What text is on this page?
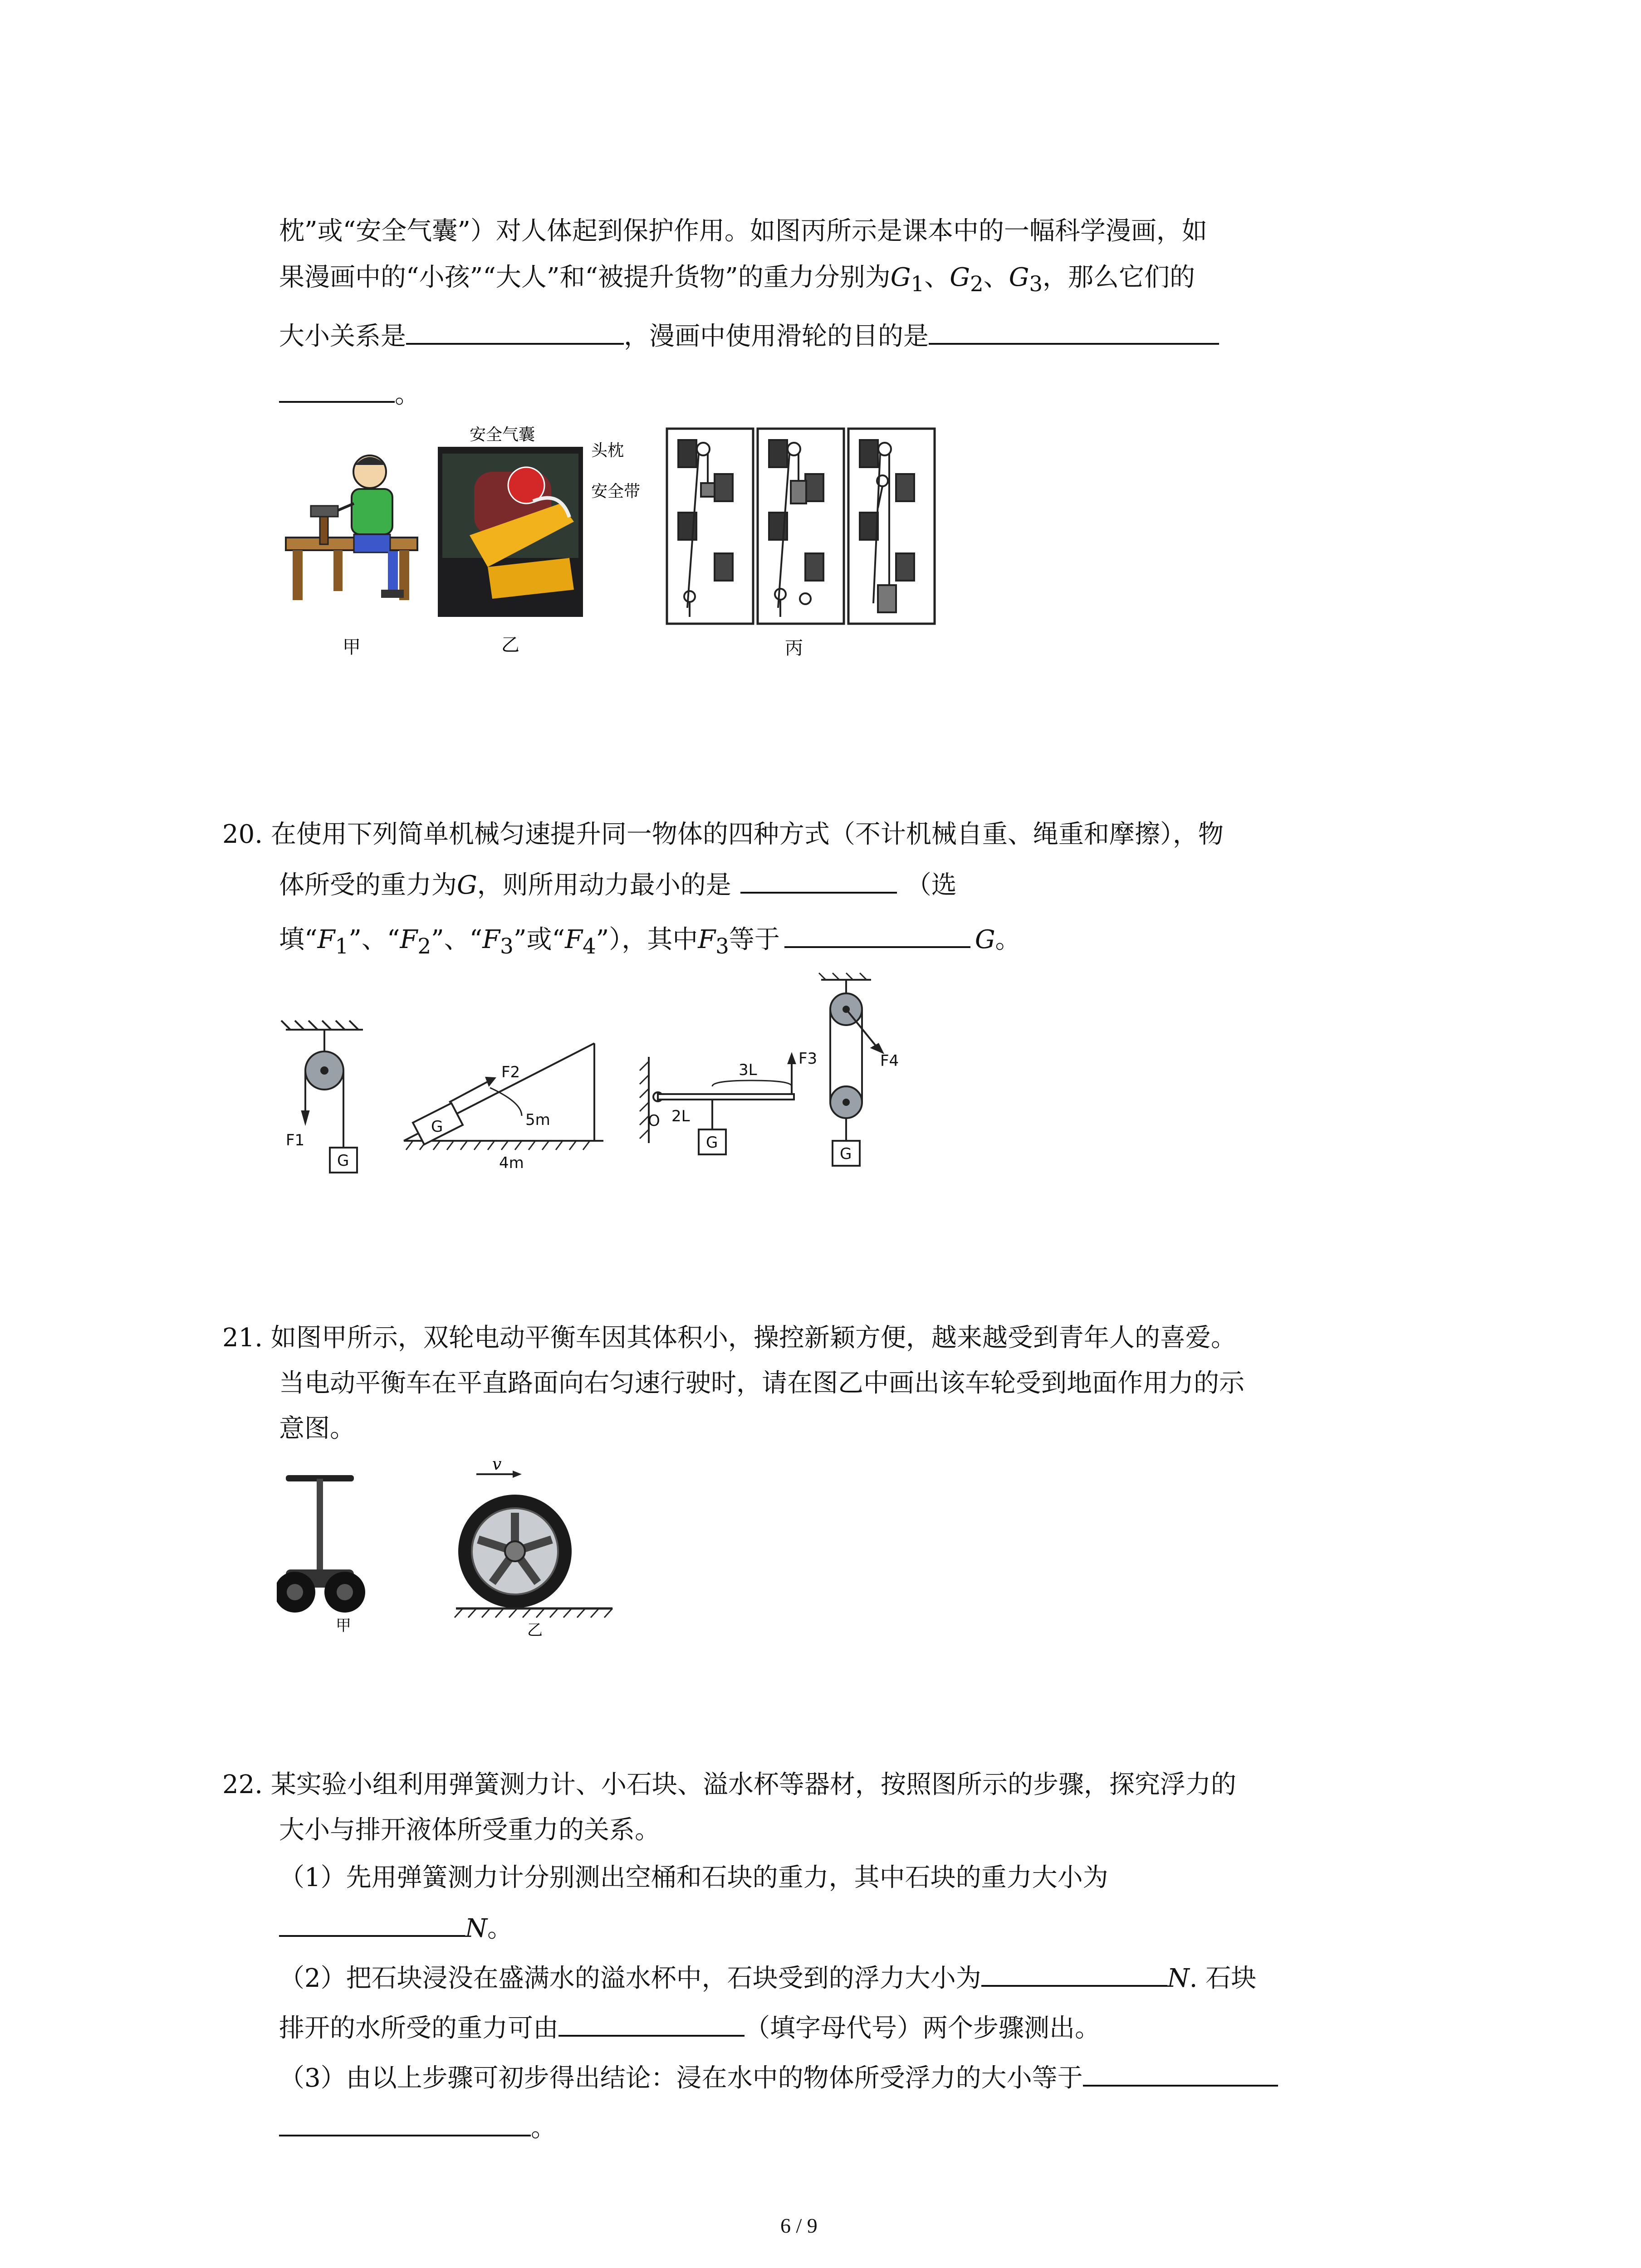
枕”或“安全气囊”）对人体起到保护作用。如图丙所示是课本中的一幅科学漫画，如
果漫画中的“小孩”“大人”和“被提升货物”的重力分别为$G_1$、$G_2$、$G_3$，那么它们的
大小关系是	，漫画中使用滑轮的目的是
。
甲
安全气囊
头枕
安全带
乙	丙
20. 在使用下列简单机械匀速提升同一物体的四种方式（不计机械自重、绳重和摩擦），物
体所受的重力为G，则所用动力最小的是	（选
填“$F_1$”、“$F_2$”、“$F_3$”或“$F_4$”），其中$F_3$等于	G。
F1
G
F2
G	5m
4m
F3
3L
O 2L
G
F4
G
21. 如图甲所示，双轮电动平衡车因其体积小，操控新颖方便，越来越受到青年人的喜爱。
当电动平衡车在平直路面向右匀速行驶时，请在图乙中画出该车轮受到地面作用力的示
意图。
甲
v
乙
22. 某实验小组利用弹簧测力计、小石块、溢水杯等器材，按照图所示的步骤，探究浮力的
大小与排开液体所受重力的关系。
（1）先用弹簧测力计分别测出空桶和石块的重力，其中石块的重力大小为
N。
（2）把石块浸没在盛满水的溢水杯中，石块受到的浮力大小为	N. 石块
排开的水所受的重力可由	（填字母代号）两个步骤测出。
（3）由以上步骤可初步得出结论：浸在水中的物体所受浮力的大小等于
。
6 / 9
